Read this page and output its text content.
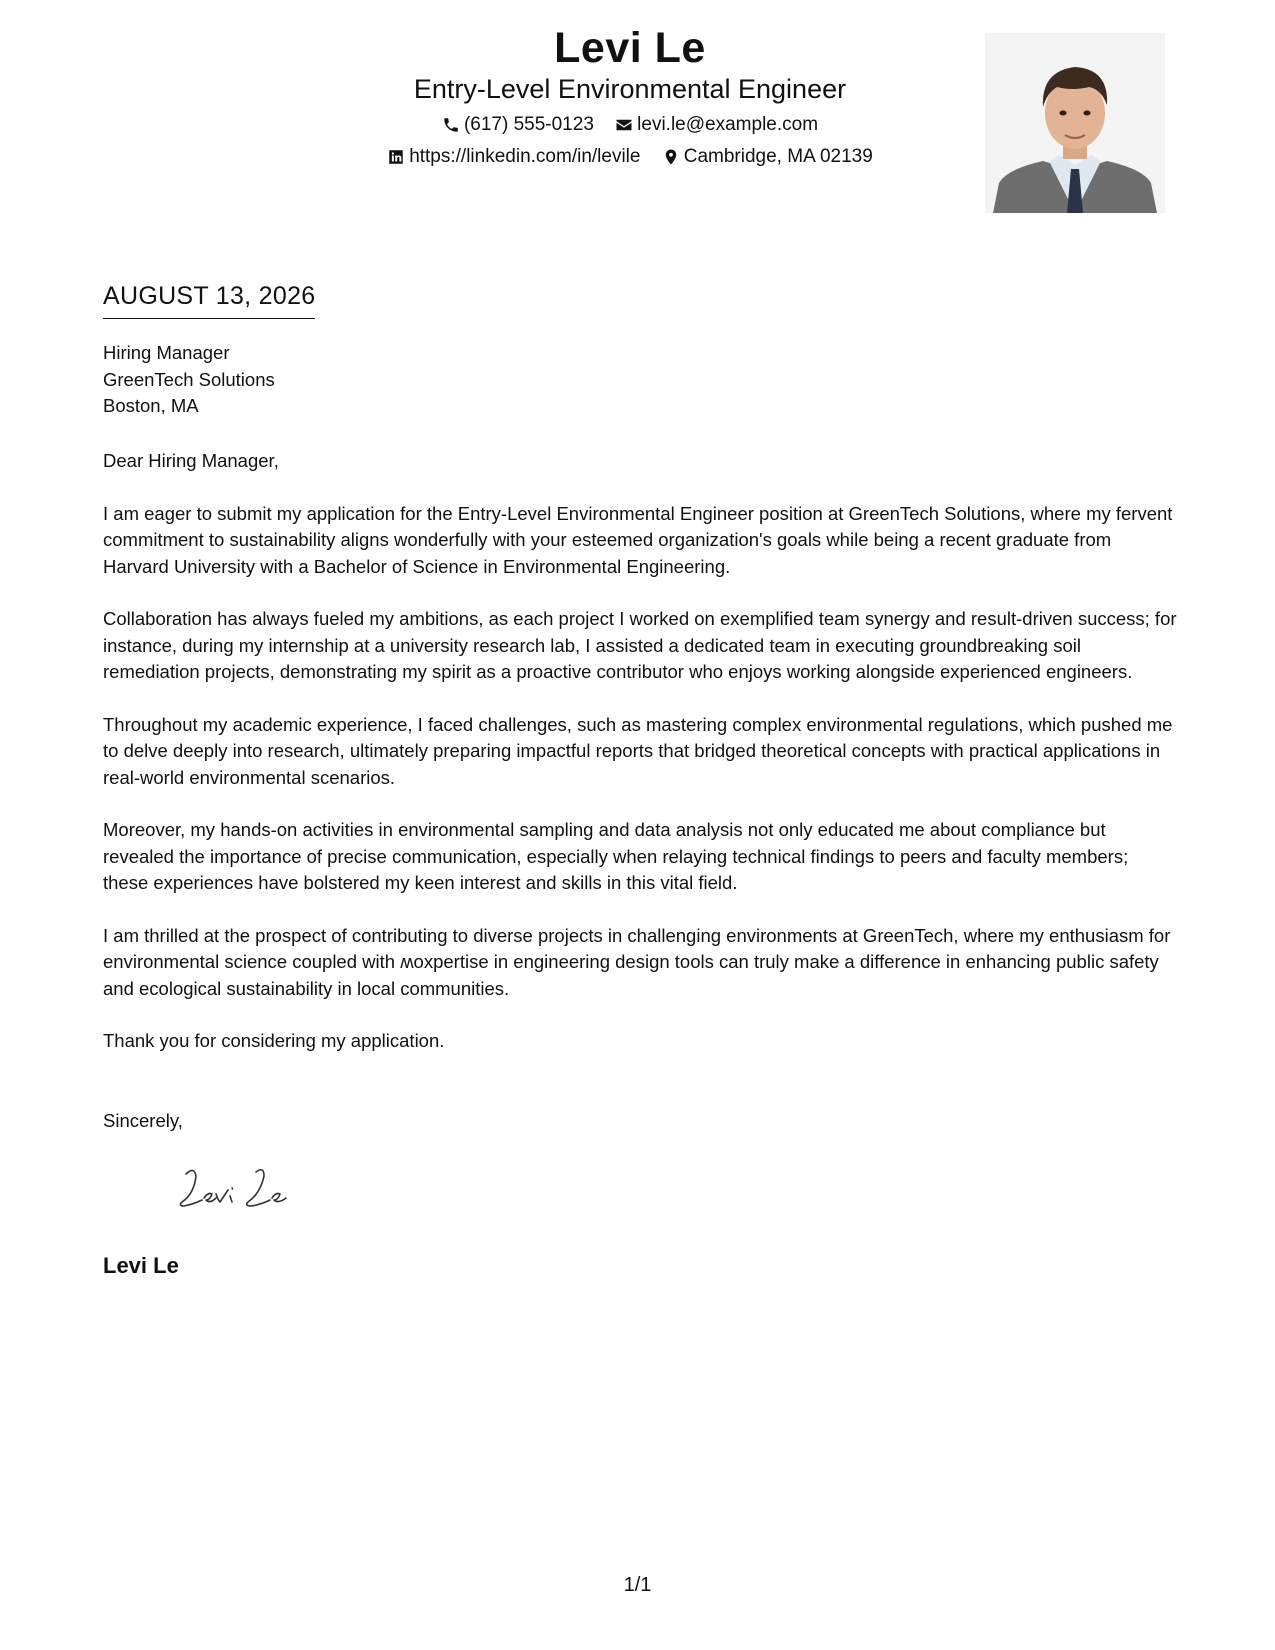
Levi Le
Entry-Level Environmental Engineer
(617) 555-0123
levi.le@example.com
https://linkedin.com/in/levile
Cambridge, MA 02139
AUGUST 13, 2026
Hiring Manager
GreenTech Solutions
Boston, MA

Dear Hiring Manager,

I am eager to submit my application for the Entry-Level Environmental Engineer position at GreenTech Solutions, where my fervent commitment to sustainability aligns wonderfully with your esteemed organization's goals while being a recent graduate from Harvard University with a Bachelor of Science in Environmental Engineering.

Collaboration has always fueled my ambitions, as each project I worked on exemplified team synergy and result-driven success; for instance, during my internship at a university research lab, I assisted a dedicated team in executing groundbreaking soil remediation projects, demonstrating my spirit as a proactive contributor who enjoys working alongside experienced engineers.

Throughout my academic experience, I faced challenges, such as mastering complex environmental regulations, which pushed me to delve deeply into research, ultimately preparing impactful reports that bridged theoretical concepts with practical applications in real-world environmental scenarios.

Moreover, my hands-on activities in environmental sampling and data analysis not only educated me about compliance but revealed the importance of precise communication, especially when relaying technical findings to peers and faculty members; these experiences have bolstered my keen interest and skills in this vital field.

I am thrilled at the prospect of contributing to diverse projects in challenging environments at GreenTech, where my enthusiasm for environmental science coupled with ʍoxpertise in engineering design tools can truly make a difference in enhancing public safety and ecological sustainability in local communities.

Thank you for considering my application.

Sincerely,
Levi Le
1/1
